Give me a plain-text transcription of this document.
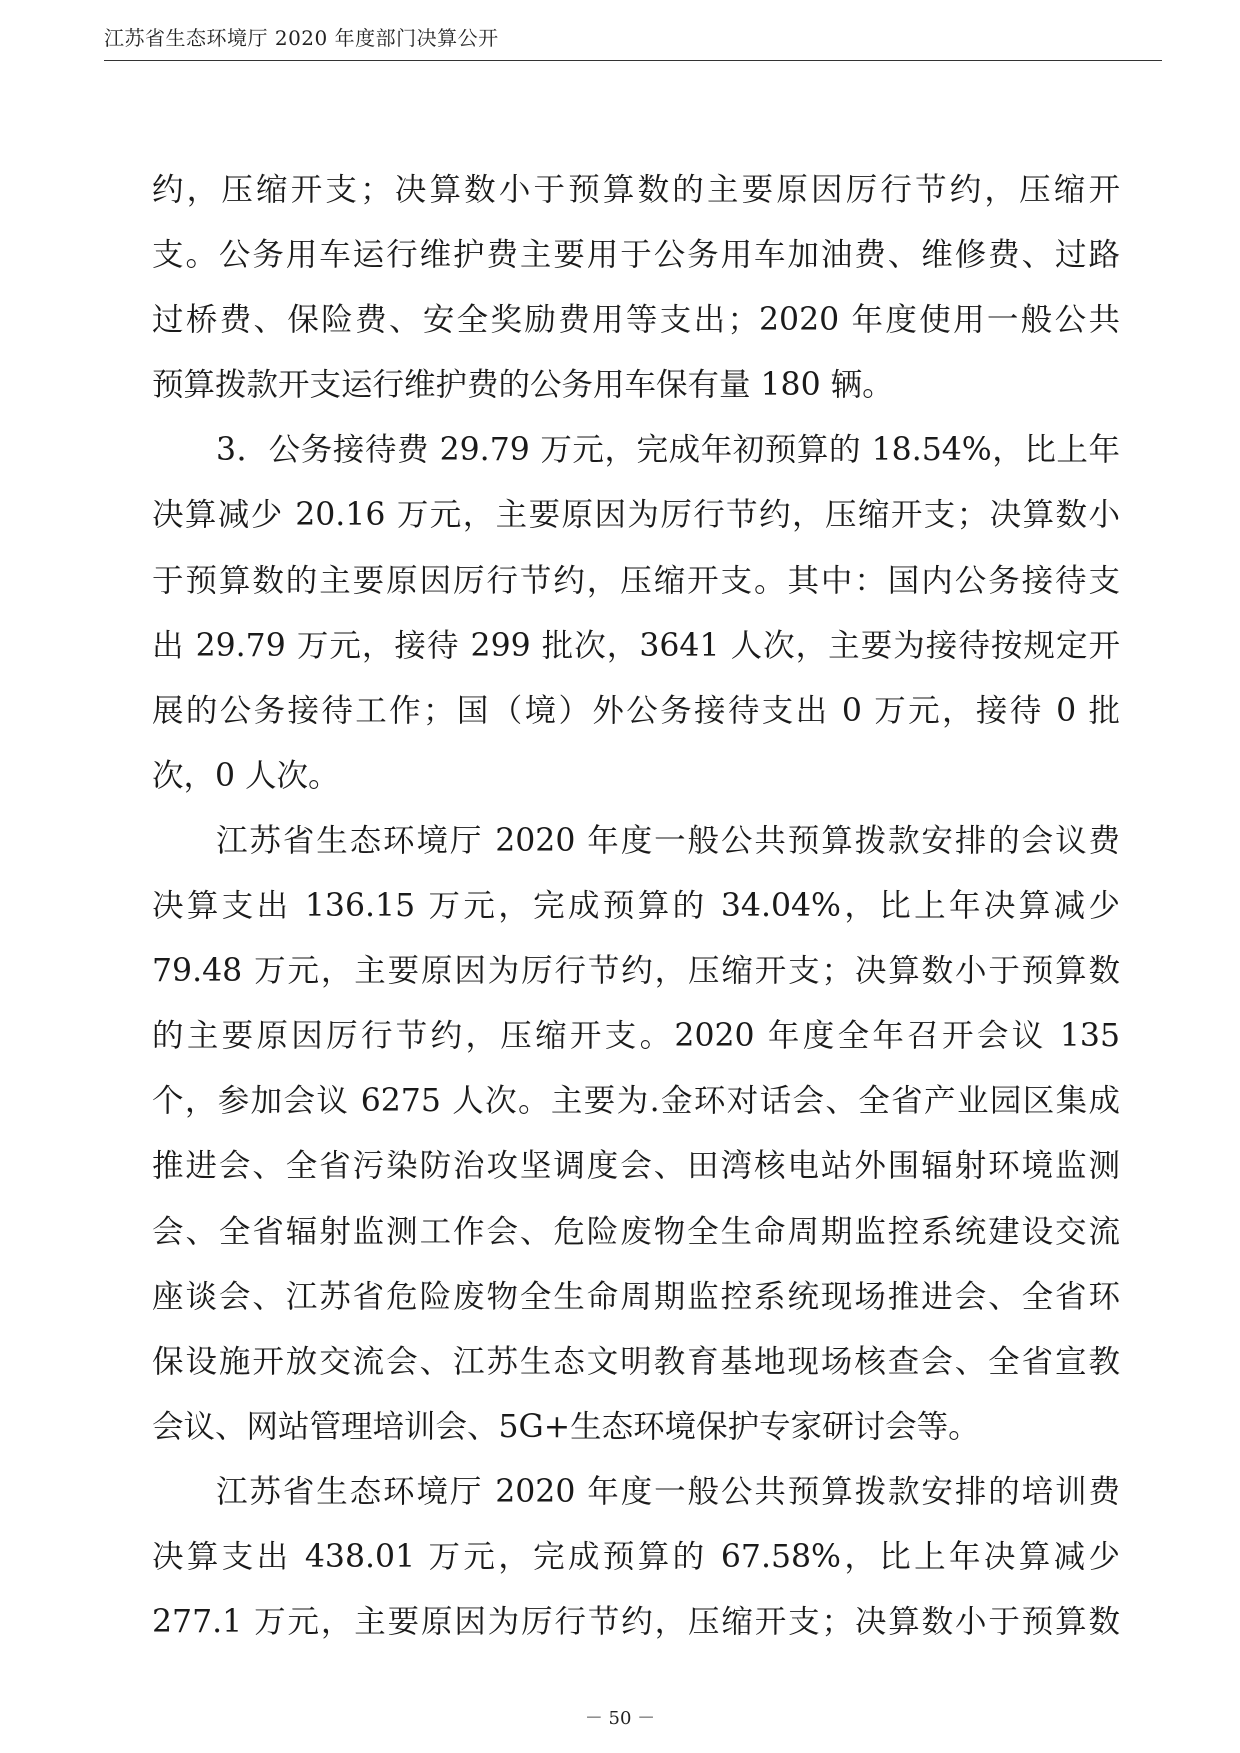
江苏省生态环境厅 2020 年度部门决算公开
约，压缩开支；决算数小于预算数的主要原因厉行节约，压缩开
支。公务用车运行维护费主要用于公务用车加油费、维修费、过路
过桥费、保险费、安全奖励费用等支出；2020 年度使用一般公共
预算拨款开支运行维护费的公务用车保有量 180 辆。
3．公务接待费 29.79 万元，完成年初预算的 18.54%，比上年
决算减少 20.16 万元，主要原因为厉行节约，压缩开支；决算数小
于预算数的主要原因厉行节约，压缩开支。其中：国内公务接待支
出 29.79 万元，接待 299 批次，3641 人次，主要为接待按规定开
展的公务接待工作；国（境）外公务接待支出 0 万元，接待 0 批
次，0 人次。
江苏省生态环境厅 2020 年度一般公共预算拨款安排的会议费
决算支出 136.15 万元，完成预算的 34.04%，比上年决算减少
79.48 万元，主要原因为厉行节约，压缩开支；决算数小于预算数
的主要原因厉行节约，压缩开支。2020 年度全年召开会议 135
个，参加会议 6275 人次。主要为.金环对话会、全省产业园区集成
推进会、全省污染防治攻坚调度会、田湾核电站外围辐射环境监测
会、全省辐射监测工作会、危险废物全生命周期监控系统建设交流
座谈会、江苏省危险废物全生命周期监控系统现场推进会、全省环
保设施开放交流会、江苏生态文明教育基地现场核查会、全省宣教
会议、网站管理培训会、5G+生态环境保护专家研讨会等。
江苏省生态环境厅 2020 年度一般公共预算拨款安排的培训费
决算支出 438.01 万元，完成预算的 67.58%，比上年决算减少
277.1 万元，主要原因为厉行节约，压缩开支；决算数小于预算数
－ 50 －
